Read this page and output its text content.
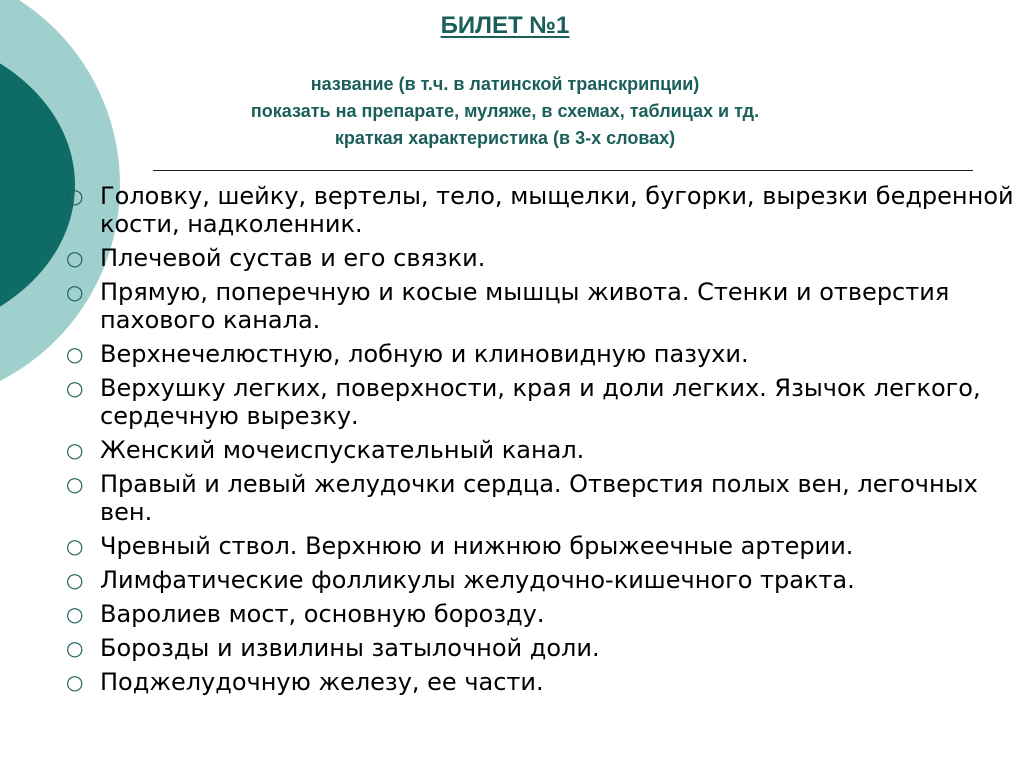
БИЛЕТ №1
название (в т.ч. в латинской транскрипции)
показать на препарате, муляже, в схемах, таблицах и тд.
краткая характеристика (в 3-х словах)
○ Головку, шейку, вертелы, тело, мыщелки, бугорки, вырезки бедренной кости, надколенник.
○ Плечевой сустав и его связки.
○ Прямую, поперечную и косые мышцы живота. Стенки и отверстия пахового канала.
○ Верхнечелюстную, лобную и клиновидную пазухи.
○ Верхушку легких, поверхности, края и доли легких. Язычок легкого, сердечную вырезку.
○ Женский мочеиспускательный канал.
○ Правый и левый желудочки сердца. Отверстия полых вен, легочных вен.
○ Чревный ствол. Верхнюю и нижнюю брыжеечные артерии.
○ Лимфатические фолликулы желудочно-кишечного тракта.
○ Варолиев мост, основную борозду.
○ Борозды и извилины затылочной доли.
○ Поджелудочную железу, ее части.
